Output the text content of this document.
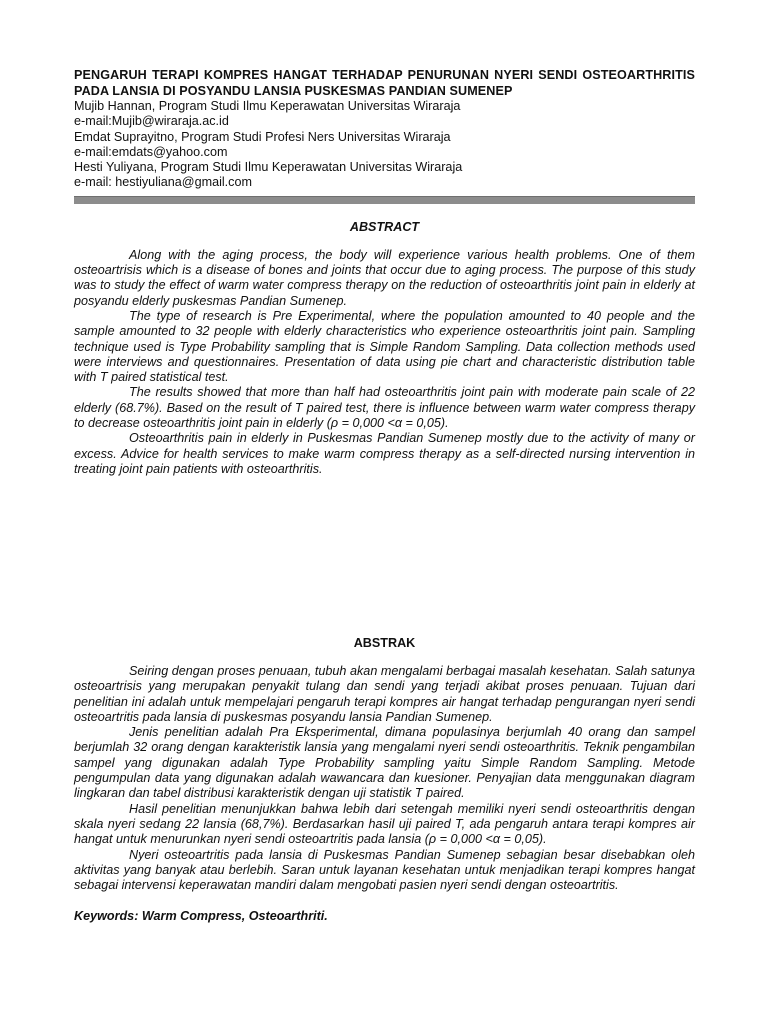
PENGARUH TERAPI KOMPRES HANGAT TERHADAP PENURUNAN NYERI SENDI OSTEOARTHRITIS PADA LANSIA DI POSYANDU LANSIA PUSKESMAS PANDIAN SUMENEP

Mujib Hannan, Program Studi Ilmu Keperawatan Universitas Wiraraja
e-mail:Mujib@wiraraja.ac.id
Emdat Suprayitno, Program Studi Profesi Ners Universitas Wiraraja
e-mail:emdats@yahoo.com
Hesti Yuliyana, Program Studi Ilmu Keperawatan Universitas Wiraraja
e-mail: hestiyuliana@gmail.com
ABSTRACT

Along with the aging process, the body will experience various health problems. One of them osteoartrisis which is a disease of bones and joints that occur due to aging process. The purpose of this study was to study the effect of warm water compress therapy on the reduction of osteoarthritis joint pain in elderly at posyandu elderly puskesmas Pandian Sumenep.

The type of research is Pre Experimental, where the population amounted to 40 people and the sample amounted to 32 people with elderly characteristics who experience osteoarthritis joint pain. Sampling technique used is Type Probability sampling that is Simple Random Sampling. Data collection methods used were interviews and questionnaires. Presentation of data using pie chart and characteristic distribution table with T paired statistical test.

The results showed that more than half had osteoarthritis joint pain with moderate pain scale of 22 elderly (68.7%). Based on the result of T paired test, there is influence between warm water compress therapy to decrease osteoarthritis joint pain in elderly (ρ = 0,000 <α = 0,05).

Osteoarthritis pain in elderly in Puskesmas Pandian Sumenep mostly due to the activity of many or excess. Advice for health services to make warm compress therapy as a self-directed nursing intervention in treating joint pain patients with osteoarthritis.

ABSTRAK

Seiring dengan proses penuaan, tubuh akan mengalami berbagai masalah kesehatan. Salah satunya osteoartrisis yang merupakan penyakit tulang dan sendi yang terjadi akibat proses penuaan. Tujuan dari penelitian ini adalah untuk mempelajari pengaruh terapi kompres air hangat terhadap pengurangan nyeri sendi osteoartritis pada lansia di puskesmas posyandu lansia Pandian Sumenep.

Jenis penelitian adalah Pra Eksperimental, dimana populasinya berjumlah 40 orang dan sampel berjumlah 32 orang dengan karakteristik lansia yang mengalami nyeri sendi osteoarthritis. Teknik pengambilan sampel yang digunakan adalah Type Probability sampling yaitu Simple Random Sampling. Metode pengumpulan data yang digunakan adalah wawancara dan kuesioner. Penyajian data menggunakan diagram lingkaran dan tabel distribusi karakteristik dengan uji statistik T paired.

Hasil penelitian menunjukkan bahwa lebih dari setengah memiliki nyeri sendi osteoarthritis dengan skala nyeri sedang 22 lansia (68,7%). Berdasarkan hasil uji paired T, ada pengaruh antara terapi kompres air hangat untuk menurunkan nyeri sendi osteoartritis pada lansia (ρ = 0,000 <α = 0,05).

Nyeri osteoartritis pada lansia di Puskesmas Pandian Sumenep sebagian besar disebabkan oleh aktivitas yang banyak atau berlebih. Saran untuk layanan kesehatan untuk menjadikan terapi kompres hangat sebagai intervensi keperawatan mandiri dalam mengobati pasien nyeri sendi dengan osteoartritis.

Keywords: Warm Compress, Osteoarthriti.
